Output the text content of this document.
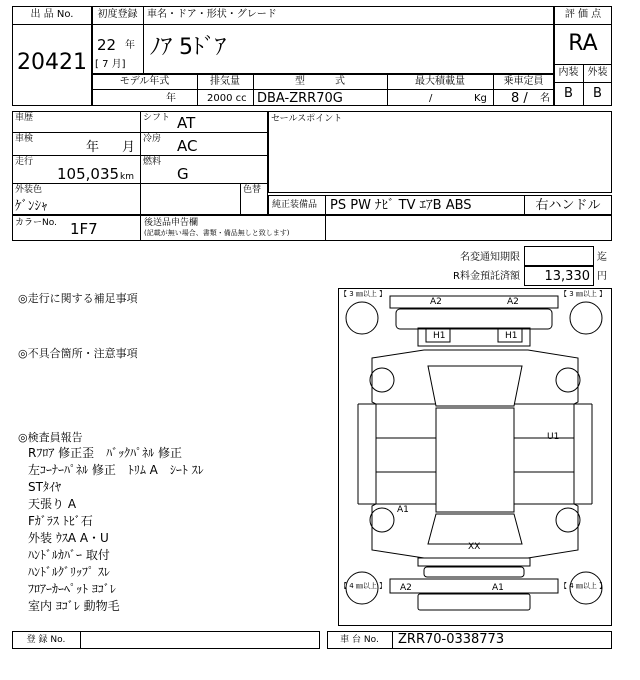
出 品 No.
20421
初度登録 車名・ドア・形状・グレード
22 年
[ 7 月]
ﾉｱ 5ﾄﾞｱ
評 価 点
RA
内装 外装
B	B
モデル年式	排気量	型　　　式	最大積載量	乗車定員
年	2000 cc DBA-ZRR70G	/	Kg 8 / 名
車歴	シフト AT
車検
年 月
冷房 AC
走行
105,035 km
燃料
G
外装色
ｹﾞﾝｼｬ
色替
セールスポイント
純正装備品 PS PW ﾅﾋﾞ TV ｴｱB ABS	右ハンドル
カラーNo. 1F7	後送品申告欄
(記載が無い場合、書類・備品無しと致します)
名変通知期限	迄
R料金預託済額	13,330 円
◎走行に関する補足事項
◎不具合箇所・注意事項
◎検査員報告
Rﾌﾛｱ 修正歪　ﾊﾞｯｸﾊﾟﾈﾙ 修正
左ｺｰﾅｰﾊﾟﾈﾙ 修正　ﾄﾘﾑ A　ｼｰﾄ ｽﾚ
STﾀｲﾔ
天張り A
Fｶﾞﾗｽ ﾄﾋﾞ石
外装 ｳｽA A・U
ﾊﾝﾄﾞﾙｶﾊﾞｰ 取付
ﾊﾝﾄﾞﾙｸﾞﾘｯﾌﾟ ｽﾚ
ﾌﾛｱｰｶｰﾍﾟｯﾄ ﾖｺﾞﾚ
室内 ﾖｺﾞﾚ 動物毛
【 3 ㎜以上 】	【 3 ㎜以上 】
【 4 ㎜以上 】	【 4 ㎜以上 】
A2	A2
H1	H1
U1
A1
XX
A2	A1
登 録 No.	車 台 No.	ZRR70-0338773
